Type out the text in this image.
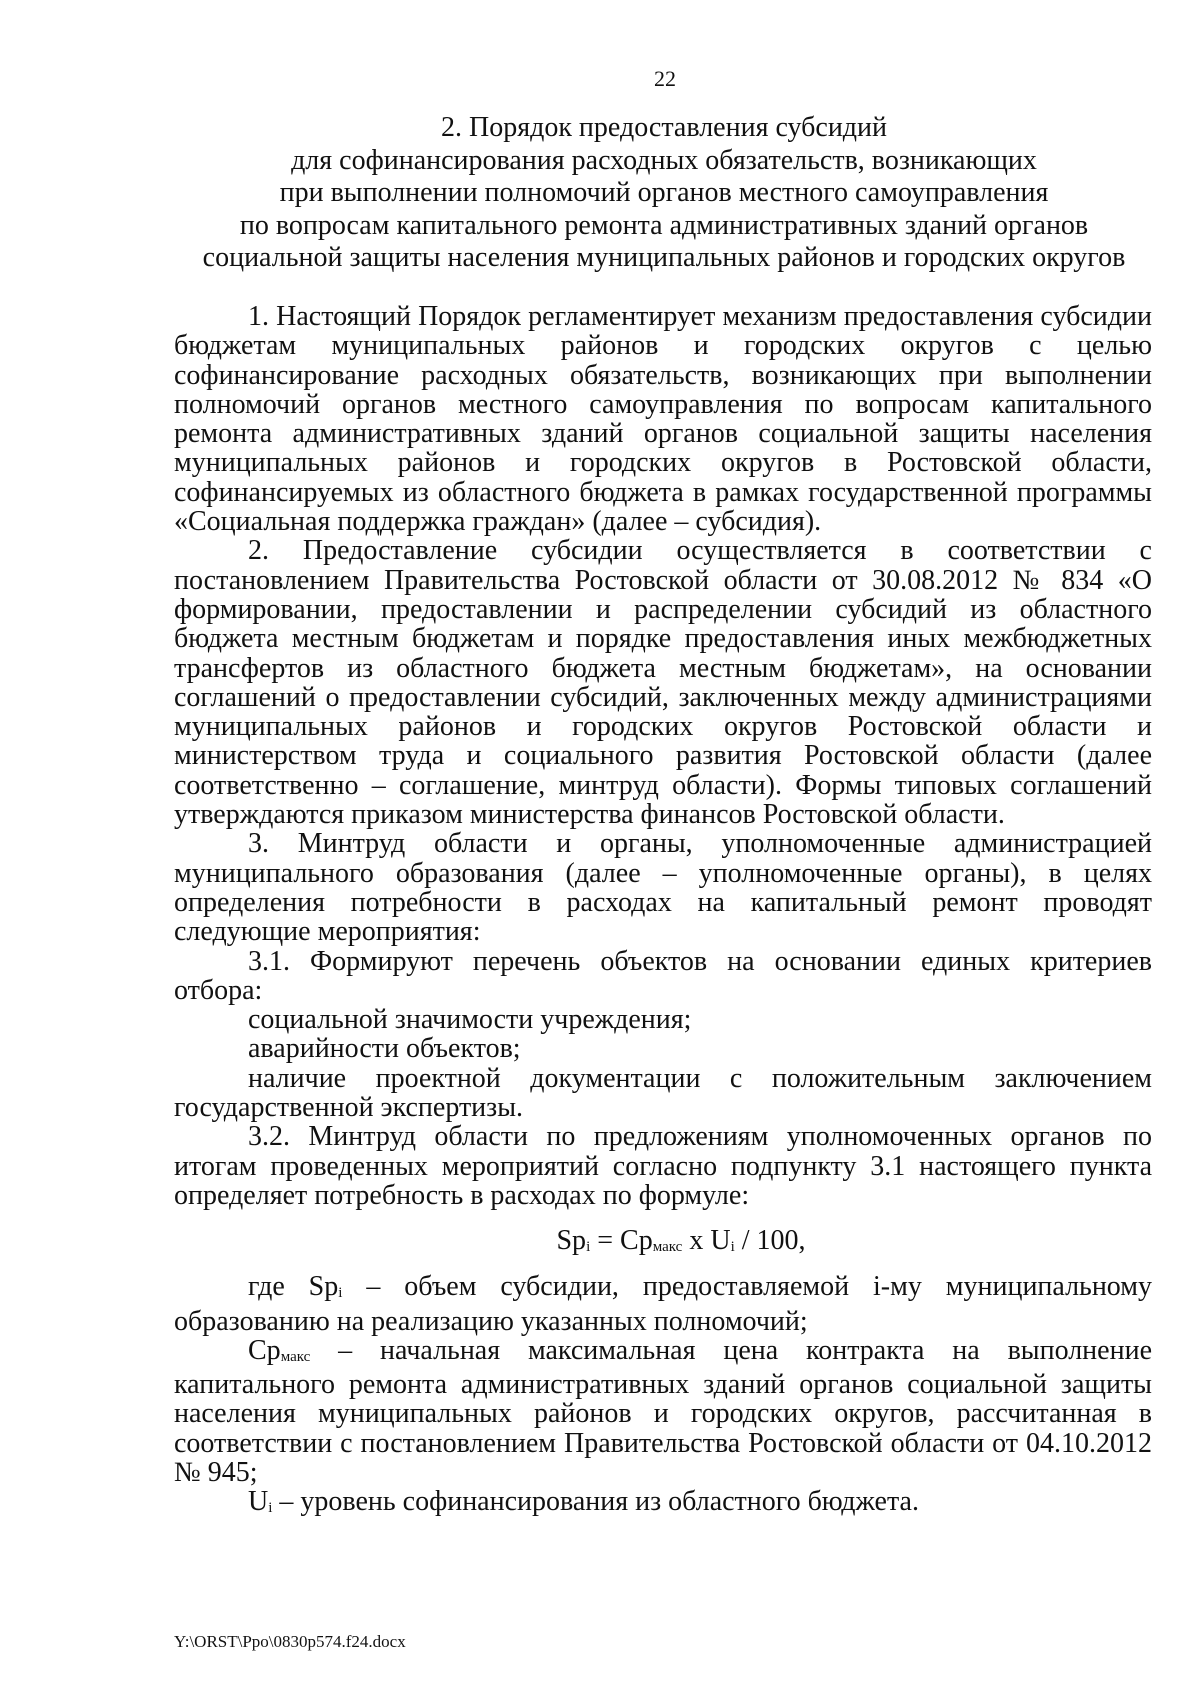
22
2. Порядок предоставления субсидий
для софинансирования расходных обязательств, возникающих
при выполнении полномочий органов местного самоуправления
по вопросам капитального ремонта административных зданий органов
социальной защиты населения муниципальных районов и городских округов

1. Настоящий Порядок регламентирует механизм предоставления субсидии бюджетам муниципальных районов и городских округов с целью софинансирование расходных обязательств, возникающих при выполнении полномочий органов местного самоуправления по вопросам капитального ремонта административных зданий органов социальной защиты населения муниципальных районов и городских округов в Ростовской области, софинансируемых из областного бюджета в рамках государственной программы «Социальная поддержка граждан» (далее – субсидия).

2. Предоставление субсидии осуществляется в соответствии с постановлением Правительства Ростовской области от 30.08.2012 № 834 «О формировании, предоставлении и распределении субсидий из областного бюджета местным бюджетам и порядке предоставления иных межбюджетных трансфертов из областного бюджета местным бюджетам», на основании соглашений о предоставлении субсидий, заключенных между администрациями муниципальных районов и городских округов Ростовской области и министерством труда и социального развития Ростовской области (далее соответственно – соглашение, минтруд области). Формы типовых соглашений утверждаются приказом министерства финансов Ростовской области.

3. Минтруд области и органы, уполномоченные администрацией муниципального образования (далее – уполномоченные органы), в целях определения потребности в расходах на капитальный ремонт проводят следующие мероприятия:

3.1. Формируют перечень объектов на основании единых критериев отбора:

социальной значимости учреждения;

аварийности объектов;

наличие проектной документации с положительным заключением государственной экспертизы.

3.2. Минтруд области по предложениям уполномоченных органов по итогам проведенных мероприятий согласно подпункту 3.1 настоящего пункта определяет потребность в расходах по формуле:

Spi = Срмакс х Ui / 100,

где Spi – объем субсидии, предоставляемой i-му муниципальному образованию на реализацию указанных полномочий;

Срмакс – начальная максимальная цена контракта на выполнение капитального ремонта административных зданий органов социальной защиты населения муниципальных районов и городских округов, рассчитанная в соответствии с постановлением Правительства Ростовской области от 04.10.2012 № 945;

Ui – уровень софинансирования из областного бюджета.

Y:\ORST\Ppo\0830p574.f24.docx
